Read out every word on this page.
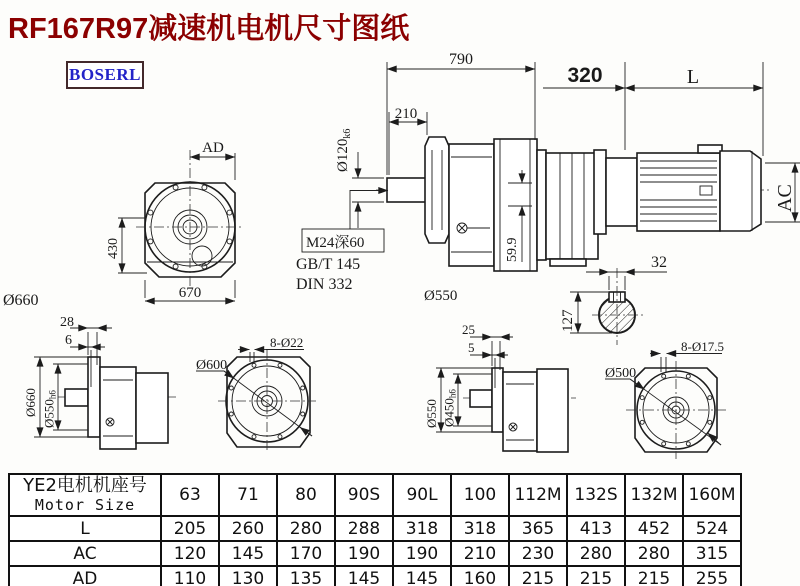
RF167R97减速机电机尺寸图纸
BOSERL
AD
430
670
Ø660
790
210
$Ø120_{k6}$
M24深60
GB/T 145
DIN 332
59.9
Ø550
320	L
AC
32
127
28
6
Ø660 Ø550h6
8-Ø22
Ø600
25
5
Ø550 Ø450h6
8-Ø17.5
Ø500
YE2电机机座号
Motor Size	63	71	80	90S	90L	100	112M	132S	132M	160M
L	205	260	280	288	318	318	365	413	452	524
AC	120	145	170	190	190	210	230	280	280	315
AD	110	130	135	145	145	160	215	215	215	255
